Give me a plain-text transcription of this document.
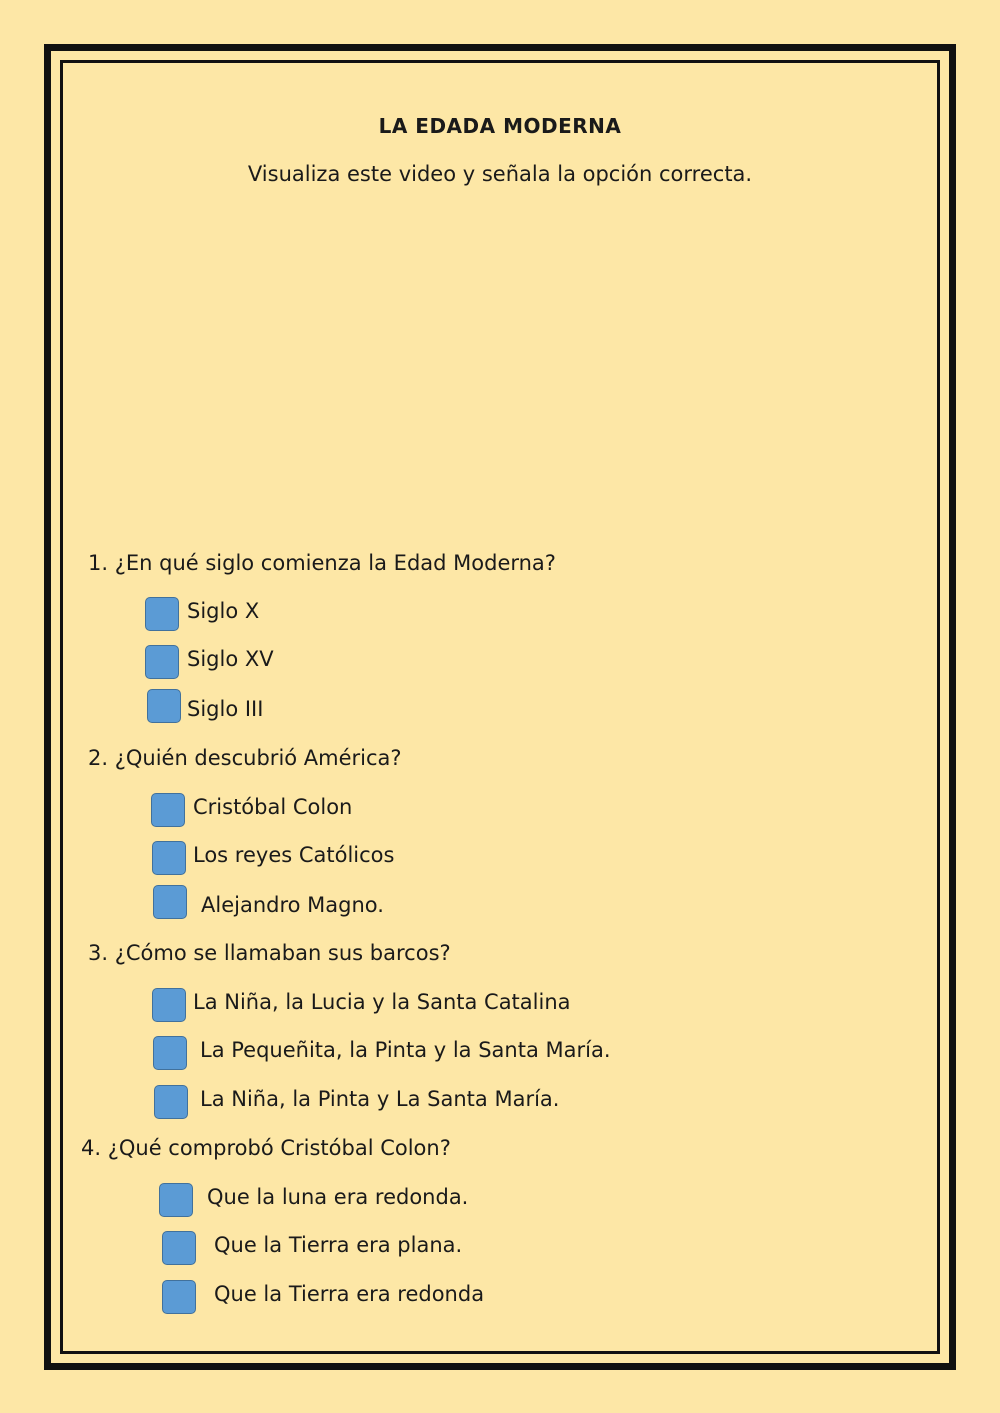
LA EDADA MODERNA
Visualiza este video y señala la opción correcta.
1. ¿En qué siglo comienza la Edad Moderna?
Siglo X
Siglo XV
Siglo III
2. ¿Quién descubrió América?
Cristóbal Colon
Los reyes Católicos
Alejandro Magno.
3. ¿Cómo se llamaban sus barcos?
La Niña, la Lucia y la Santa Catalina
La Pequeñita, la Pinta y la Santa María.
La Niña, la Pinta y La Santa María.
4. ¿Qué comprobó Cristóbal Colon?
Que la luna era redonda.
Que la Tierra era plana.
Que la Tierra era redonda
